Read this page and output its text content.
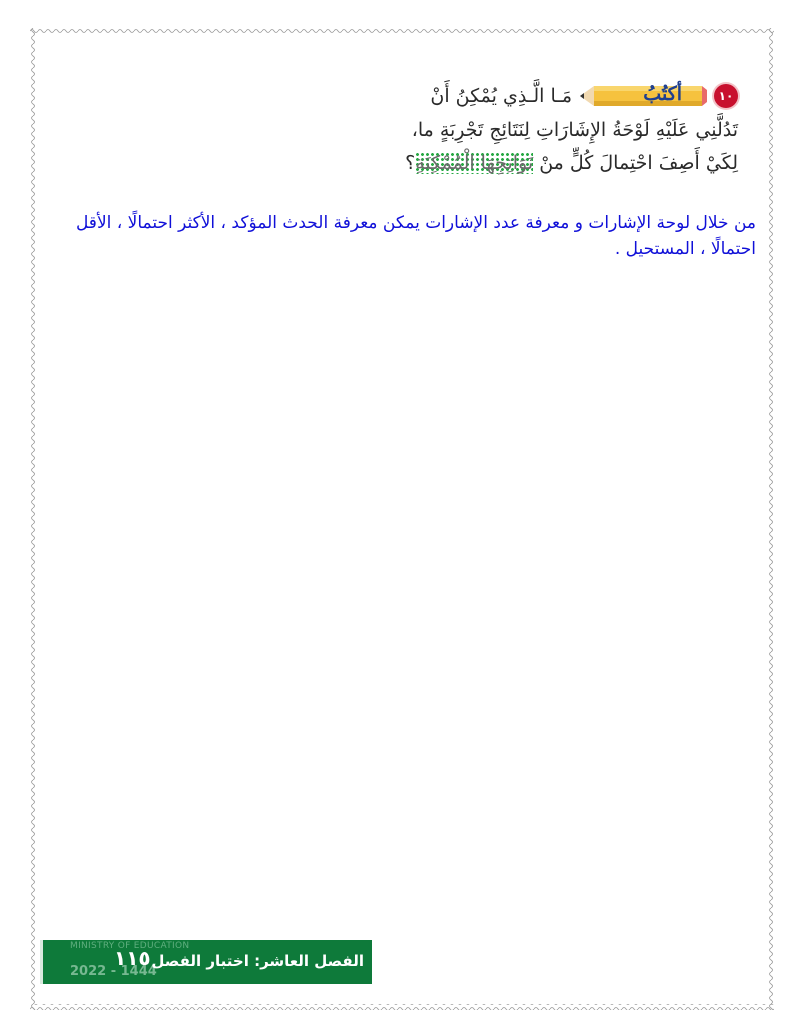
١٠
أكتُبُ
مَـا الَّـذِي يُمْكِنُ أَنْ
تَدُلَّنِي عَلَيْهِ لَوْحَةُ الإِشَارَاتِ لِنَتَائِجِ تَجْرِبَةٍ ما،
لِكَيْ أَصِفَ احْتِمالَ كُلٍّ منْ نَوَاتِجِهَا الْمُمْكِنَةِ؟
من خلال لوحة الإشارات و معرفة عدد الإشارات يمكن معرفة الحدث المؤكد ، الأكثر احتمالًا ، الأقل احتمالًا ، المستحيل .
MINISTRY OF EDUCATION
2022 - 1444
١١٥ الفصل العاشر: اختبار الفصل
